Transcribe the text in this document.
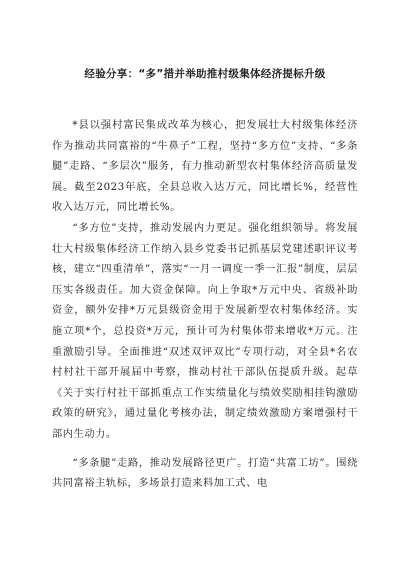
经验分享：“多”措并举助推村级集体经济提标升级

*县以强村富民集成改革为核心，把发展壮大村级集体经济作为推动共同富裕的“牛鼻子”工程，坚持“多方位”支持、“多条腿”走路、“多层次”服务，有力推动新型农村集体经济高质量发展。截至2023年底，全县总收入达万元，同比增长%，经营性收入达万元，同比增长%。

“多方位”支持，推动发展内力更足。强化组织领导。将发展壮大村级集体经济工作纳入县乡党委书记抓基层党建述职评议考核，建立“四重清单”，落实“一月一调度一季一汇报”制度，层层压实各级责任。加大资金保障。向上争取*万元中央、省级补助资金，额外安排*万元县级资金用于发展新型农村集体经济。实施立项*个，总投资*万元，预计可为村集体带来增收*万元。注重激励引导。全面推进“双述双评双比”专项行动，对全县*名农村村社干部开展届中考察，推动村社干部队伍提质升级。起草《关于实行村社干部抓重点工作实绩量化与绩效奖励相挂钩激励政策的研究》，通过量化考核办法，制定绩效激励方案增强村干部内生动力。

“多条腿”走路，推动发展路径更广。打造“共富工坊”。围绕共同富裕主轨标，多场景打造来料加工式、电
